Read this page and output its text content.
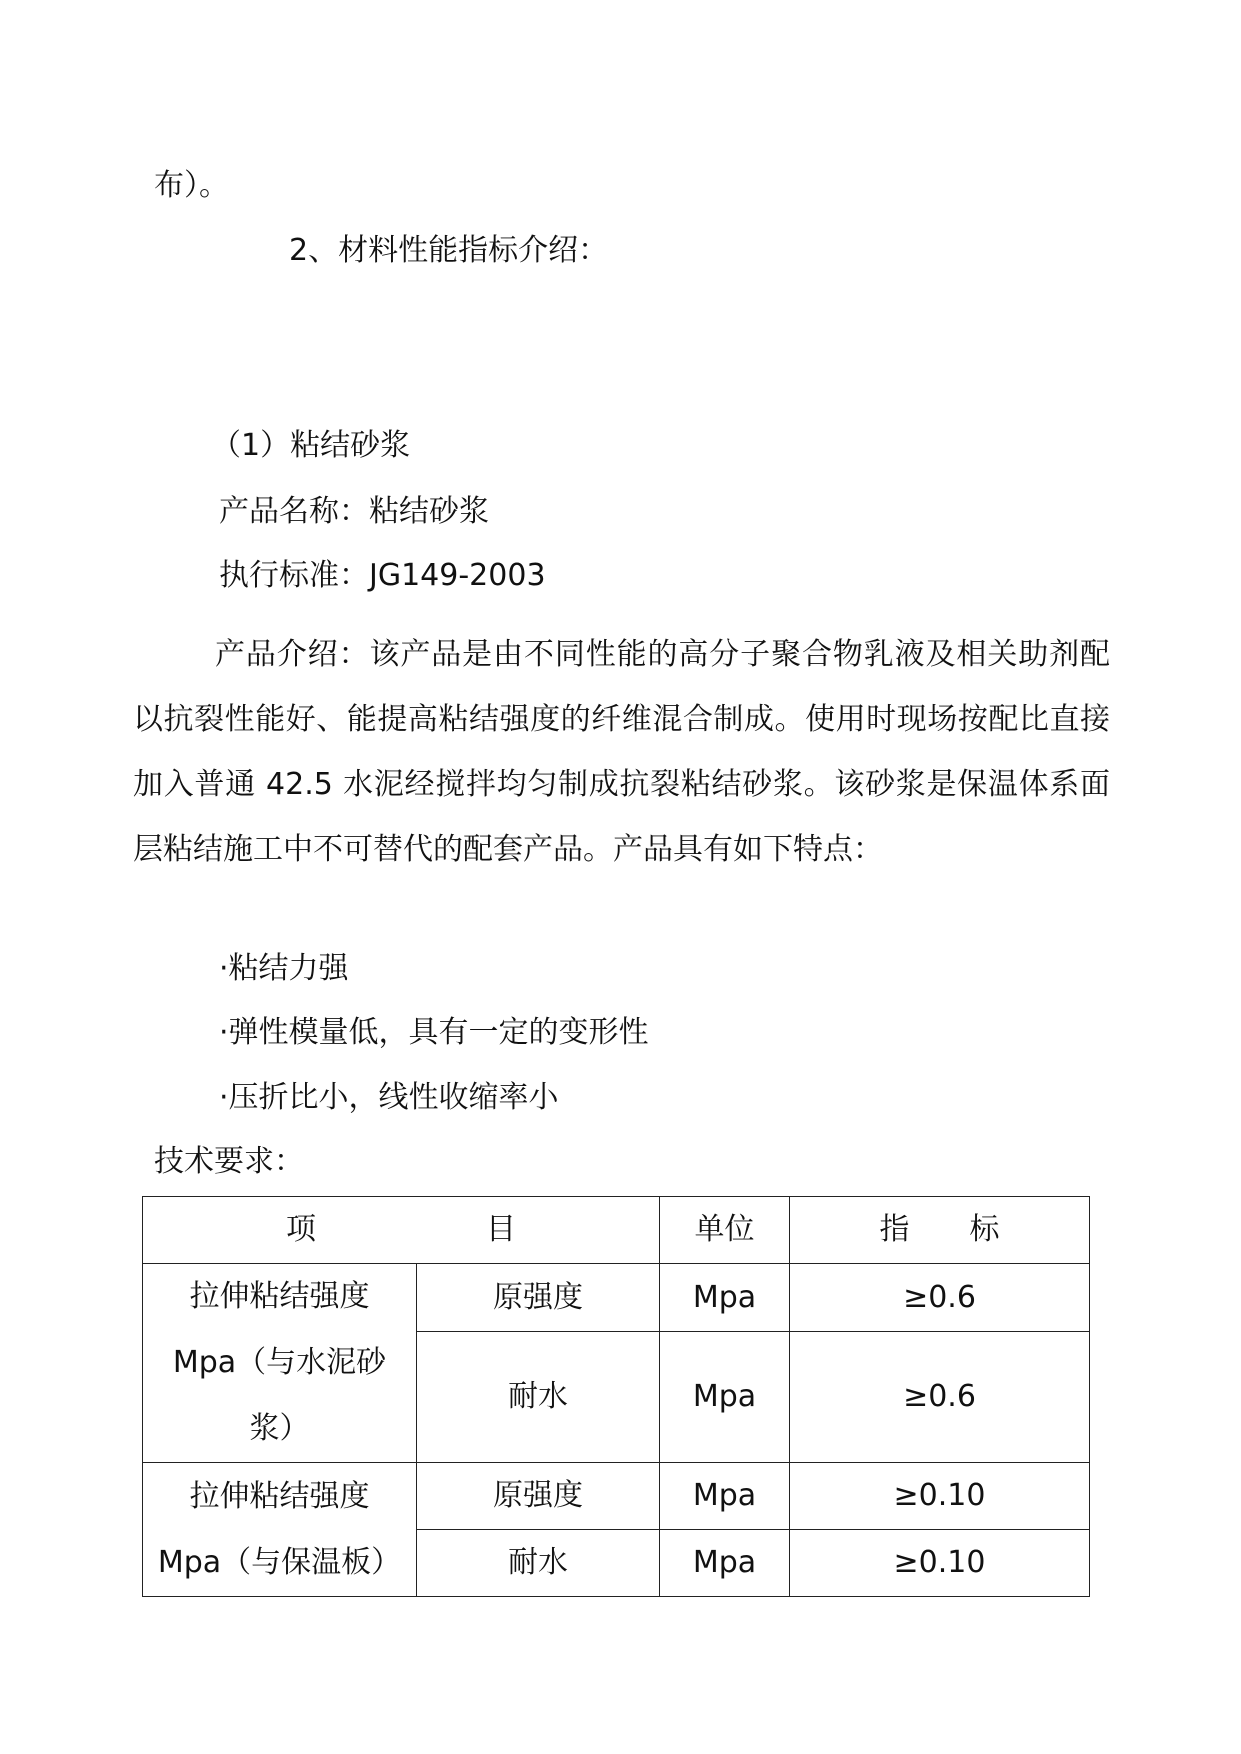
布）。
2、材料性能指标介绍：
（1）粘结砂浆
产品名称：粘结砂浆
执行标准：JG149-2003

产品介绍：该产品是由不同性能的高分子聚合物乳液及相关助剂配以抗裂性能好、能提高粘结强度的纤维混合制成。使用时现场按配比直接加入普通 42.5 水泥经搅拌均匀制成抗裂粘结砂浆。该砂浆是保温体系面层粘结施工中不可替代的配套产品。产品具有如下特点：

·粘结力强
·弹性模量低，具有一定的变形性
·压折比小，线性收缩率小
技术要求：
项 目		单位	指 标

拉伸粘结强度
Mpa（与水泥砂
浆）	原强度	Mpa	≥0.6
	耐水	Mpa	≥0.6

拉伸粘结强度
Mpa（与保温板）	原强度	Mpa	≥0.10
	耐水	Mpa	≥0.10
